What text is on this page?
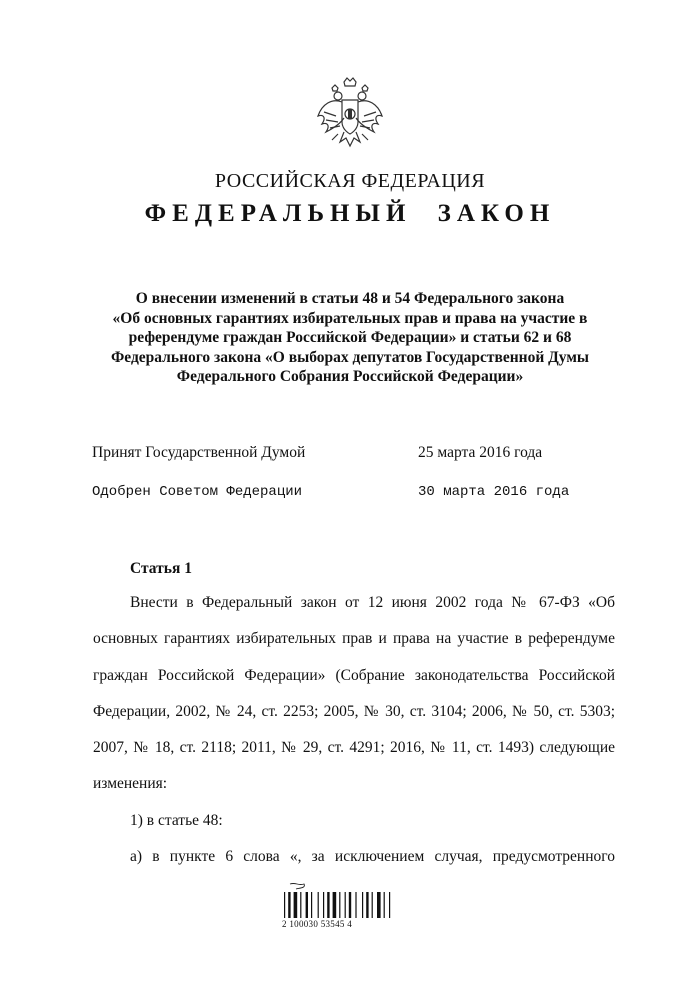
РОССИЙСКАЯ ФЕДЕРАЦИЯ
ФЕДЕРАЛЬНЫЙ ЗАКОН
О внесении изменений в статьи 48 и 54 Федерального закона
«Об основных гарантиях избирательных прав и права на участие в
референдуме граждан Российской Федерации» и статьи 62 и 68
Федерального закона «О выборах депутатов Государственной Думы
Федерального Собрания Российской Федерации»
Принят Государственной Думой	25 марта 2016 года
Одобрен Советом Федерации	30 марта 2016 года
Статья 1
Внести в Федеральный закон от 12 июня 2002 года № 67-ФЗ «Об
основных гарантиях избирательных прав и права на участие в референдуме
граждан Российской Федерации» (Собрание законодательства Российской
Федерации, 2002, № 24, ст. 2253; 2005, № 30, ст. 3104; 2006, № 50, ст. 5303;
2007, № 18, ст. 2118; 2011, № 29, ст. 4291; 2016, № 11, ст. 1493) следующие
изменения:
1) в статье 48:
а) в пункте 6 слова «, за исключением случая, предусмотренного
2 100030 53545 4
